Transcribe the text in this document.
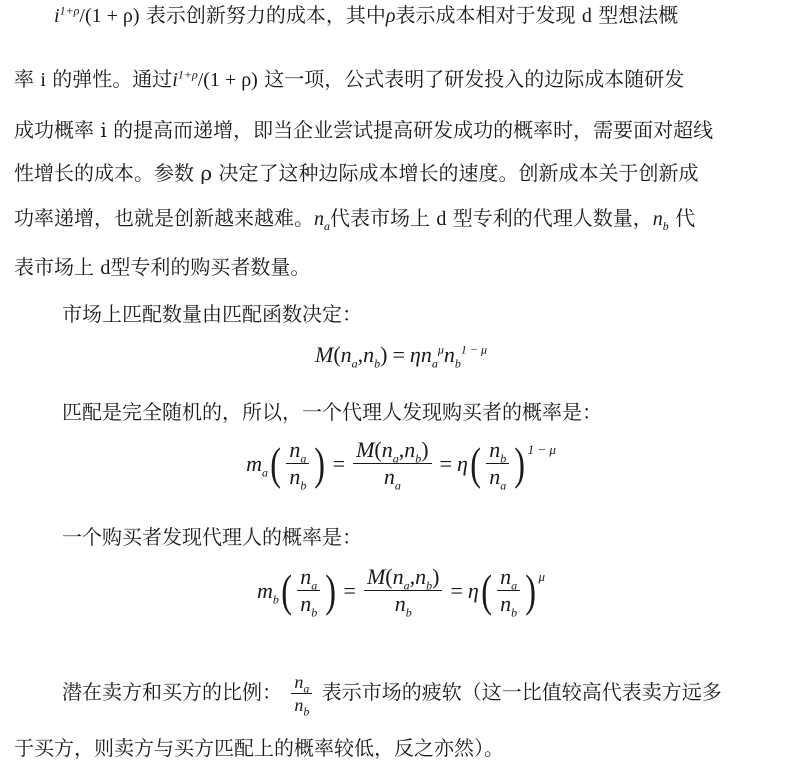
$i^{1+\rho}/(1 + \rho)$ 表示创新努力的成本，其中ρ表示成本相对于发现 d 型想法概
率 i 的弹性。通过$i^{1+\rho}/(1 + \rho)$ 这一项，公式表明了研发投入的边际成本随研发
成功概率 i 的提高而递增，即当企业尝试提高研发成功的概率时，需要面对超线
性增长的成本。参数 ρ 决定了这种边际成本增长的速度。创新成本关于创新成
功率递增，也就是创新越来越难。$n_a$代表市场上 d 型专利的代理人数量，$n_b$ 代
表市场上 d型专利的购买者数量。
市场上匹配数量由匹配函数决定：
$M(n_a,n_b) = \eta n_a^\mu n_b^{1 - \mu}$
匹配是完全随机的，所以，一个代理人发现购买者的概率是：
$m_a$ ( $\frac{n_a}{n_b}$ ) = $\frac{M(n_a,n_b)}{n_a} = \eta$ ( $\frac{n_b}{n_a}$ ) 1 − μ
一个购买者发现代理人的概率是：
$m_b$ ( $\frac{n_a}{n_b}$ ) = $\frac{M(n_a,n_b)}{n_b} = \eta$ ( $\frac{n_a}{n_b}$ ) μ
潜在卖方和买方的比例： $\frac{n_a}{n_b}$ 表示市场的疲软（这一比值较高代表卖方远多
于买方，则卖方与买方匹配上的概率较低，反之亦然）。
